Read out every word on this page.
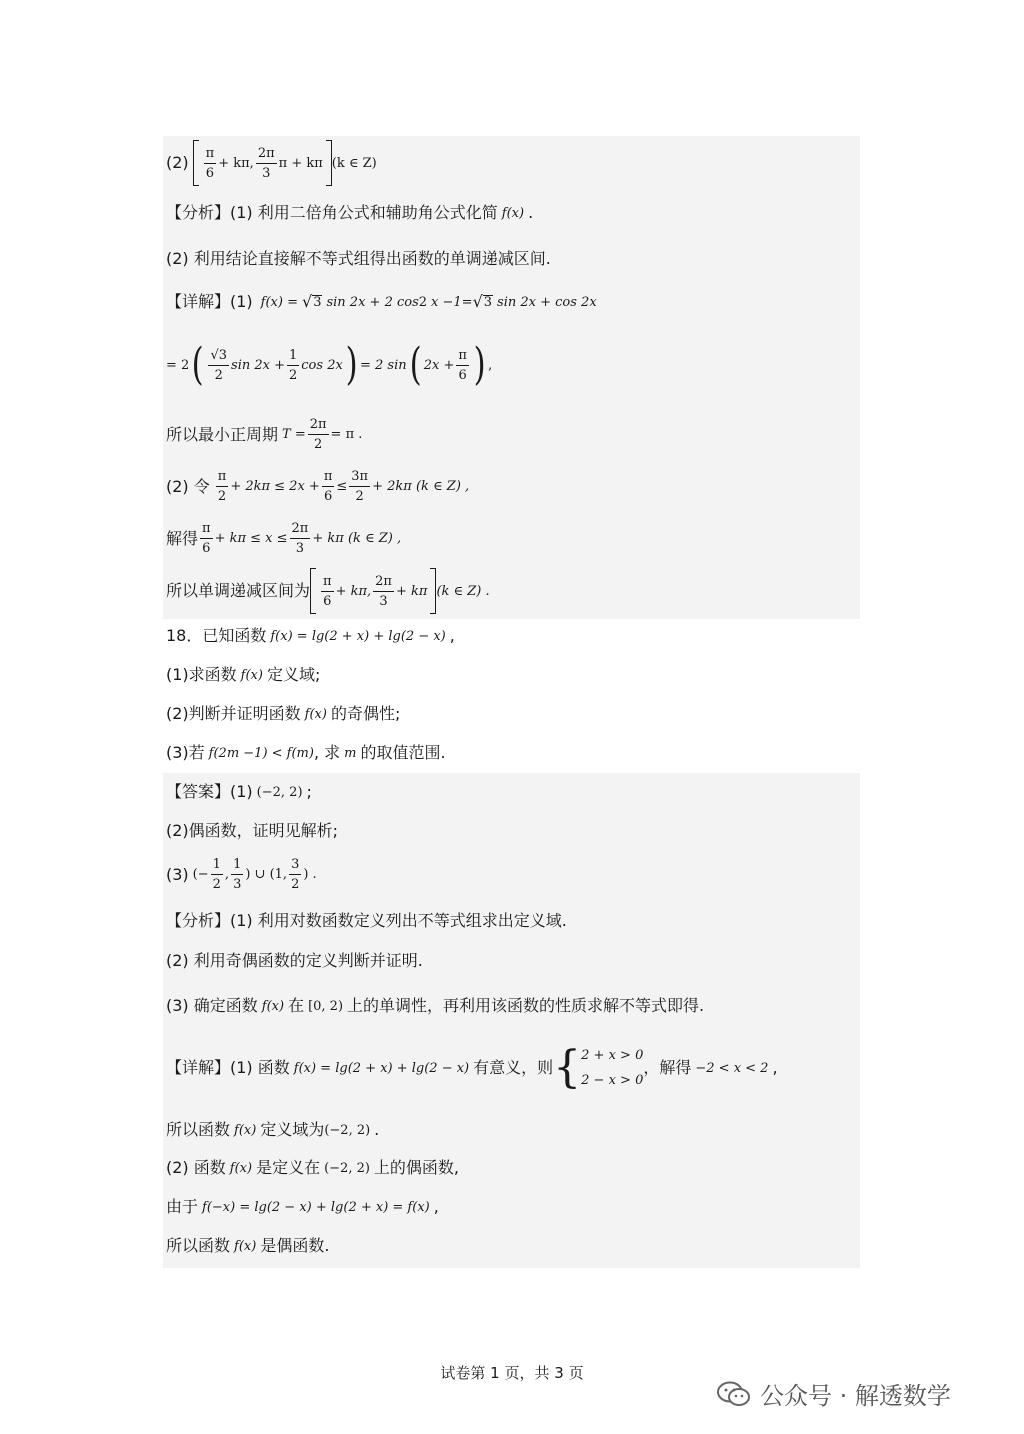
$(2) \frac{\pi}{6} + k\pi$, $\frac{2\pi}{3}$ π + kπ (k ∈ Z)
【分析】(1) 利用二倍角公式和辅助角公式化简 f(x) .
(2) 利用结论直接解不等式组得出函数的单调递减区间.
【详解】(1) f(x) = √ 3 sin 2x + 2 cos 2 x −1= √ 3 sin 2x + cos 2x
= 2 ( $\frac{√3}{2}$ $\sin 2x + \frac{1}{2}$ cos 2x ) = 2 sin ( $2x + \frac{\pi}{6}$ ) ,
所以最小正周期 $T = \frac{2\pi}{2} = \pi$ .
(2) 令 $\frac{\pi}{2} + 2k\pi \le 2x + \frac{\pi}{6} \le \frac{3\pi}{2} + 2k\pi$ (k ∈ Z) ,
解得 $\frac{\pi}{6} + k\pi \le x \le \frac{2\pi}{3} + k\pi$ (k ∈ Z) ,
所以单调递减区间为 $\frac{\pi}{6} + k\pi$, $\frac{2\pi}{3} + k\pi$ (k ∈ Z) .
18．已知函数 f(x) = lg(2 + x) + lg(2 − x) ,
(1)求函数 f(x) 定义域;
(2)判断并证明函数 f(x) 的奇偶性;
(3)若 f(2m −1) < f(m) , 求 m 的取值范围.
【答案】(1) (−2, 2) ;
(2)偶函数，证明见解析;
(3) (− $\frac{1}{2}$ , $\frac{1}{3}$ ) ∪ (1, $\frac{3}{2}$ ) .
【分析】(1) 利用对数函数定义列出不等式组求出定义域.
(2) 利用奇偶函数的定义判断并证明.
(3) 确定函数 f(x) 在 [0, 2) 上的单调性，再利用该函数的性质求解不等式即得.
【详解】(1) 函数 f(x) = lg(2 + x) + lg(2 − x) 有意义，则 { 2 + x > 0
2 − x > 0
，解得 −2 < x < 2 ,
所以函数 f(x) 定义域为 (−2, 2) .
(2) 函数 f(x) 是定义在 (−2, 2) 上的偶函数,
由于 f(−x) = lg(2 − x) + lg(2 + x) = f(x) ,
所以函数 f(x) 是偶函数.
试卷第 1 页，共 3 页
公众号 · 解透数学
